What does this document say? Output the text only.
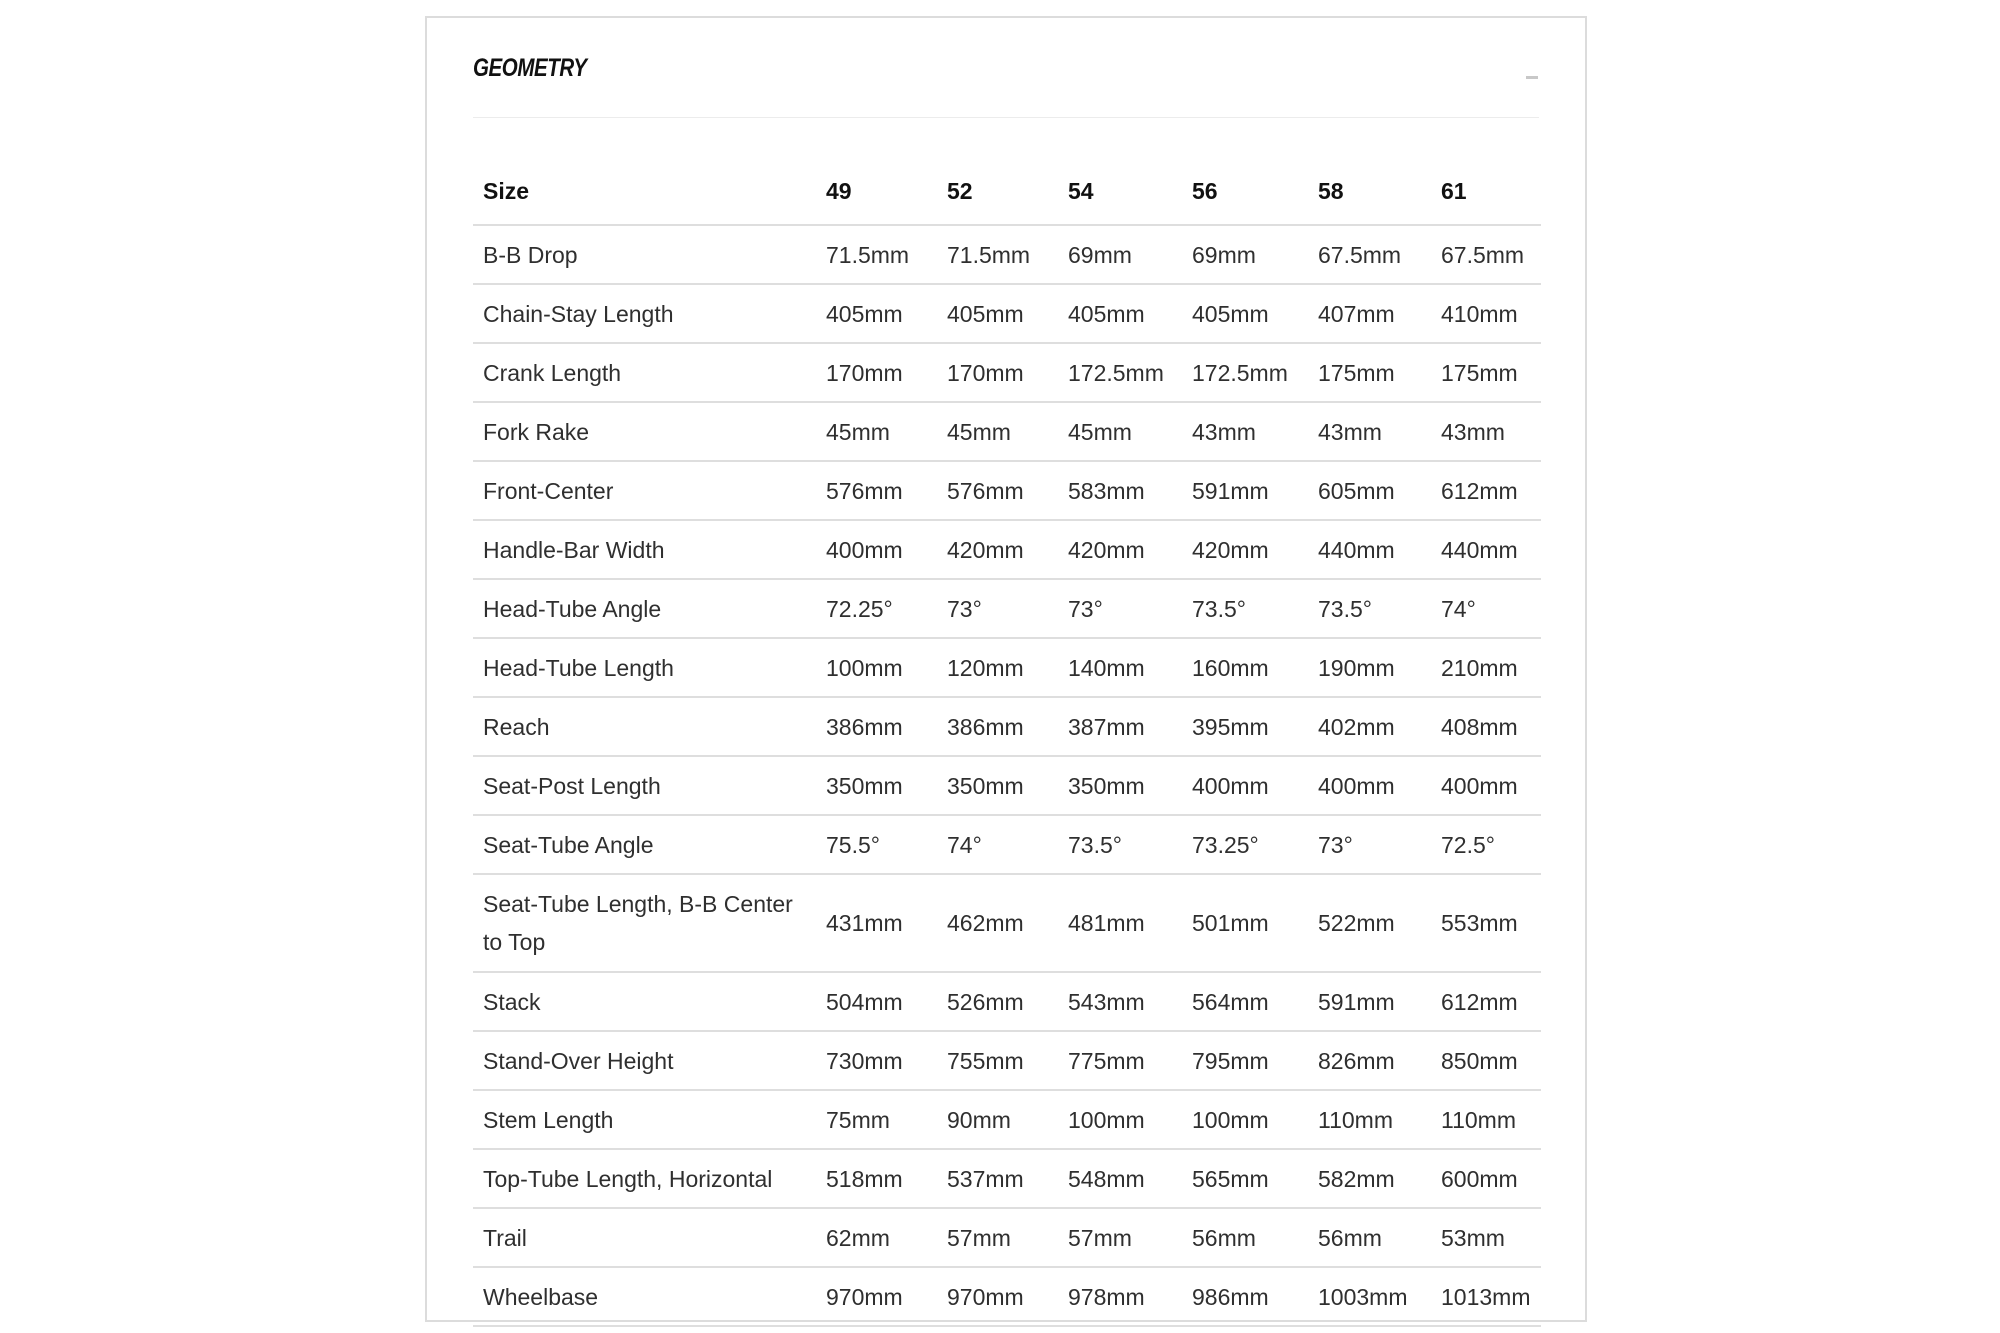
GEOMETRY
Size	49	52	54	56	58	61
B-B Drop	71.5mm	71.5mm	69mm	69mm	67.5mm	67.5mm
Chain-Stay Length	405mm	405mm	405mm	405mm	407mm	410mm
Crank Length	170mm	170mm	172.5mm	172.5mm	175mm	175mm
Fork Rake	45mm	45mm	45mm	43mm	43mm	43mm
Front-Center	576mm	576mm	583mm	591mm	605mm	612mm
Handle-Bar Width	400mm	420mm	420mm	420mm	440mm	440mm
Head-Tube Angle	72.25°	73°	73°	73.5°	73.5°	74°
Head-Tube Length	100mm	120mm	140mm	160mm	190mm	210mm
Reach	386mm	386mm	387mm	395mm	402mm	408mm
Seat-Post Length	350mm	350mm	350mm	400mm	400mm	400mm
Seat-Tube Angle	75.5°	74°	73.5°	73.25°	73°	72.5°
Seat-Tube Length, B-B Center to Top	431mm	462mm	481mm	501mm	522mm	553mm
Stack	504mm	526mm	543mm	564mm	591mm	612mm
Stand-Over Height	730mm	755mm	775mm	795mm	826mm	850mm
Stem Length	75mm	90mm	100mm	100mm	110mm	110mm
Top-Tube Length, Horizontal	518mm	537mm	548mm	565mm	582mm	600mm
Trail	62mm	57mm	57mm	56mm	56mm	53mm
Wheelbase	970mm	970mm	978mm	986mm	1003mm	1013mm
